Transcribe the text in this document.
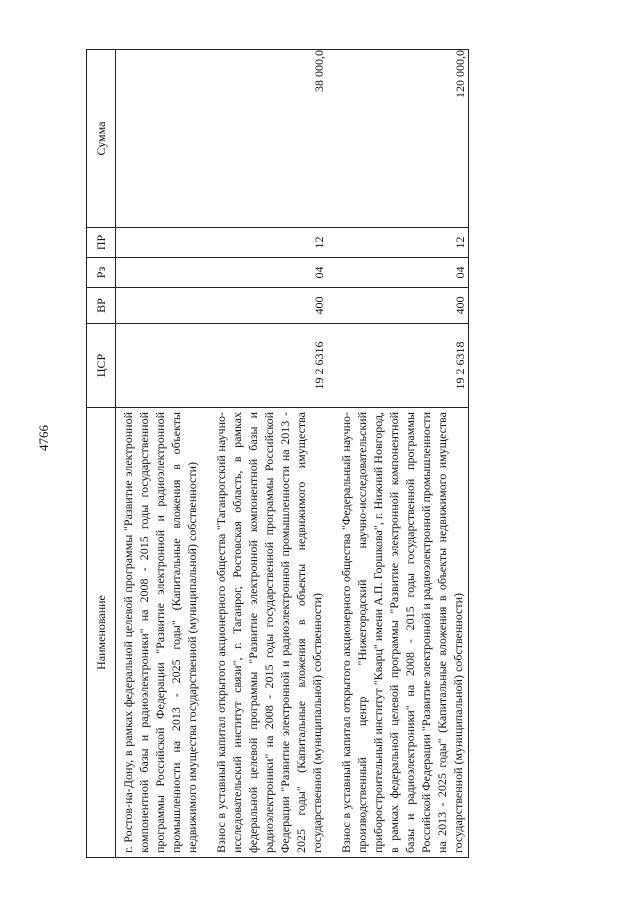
4766
Наименование	ЦСР	ВР	Рз	ПР	Сумма

г. Ростов-на-Дону, в рамках федеральной целевой программы "Развитие электронной компонентной базы и радиоэлектроники" на 2008 - 2015 годы государственной программы Российской Федерации "Развитие электронной и радиоэлектронной промышленности на 2013 - 2025 годы" (Капитальные вложения в объекты недвижимого имущества государственной (муниципальной) собственности)					

Взнос в уставный капитал открытого акционерного общества "Таганрогский научно-исследовательский институт связи", г. Таганрог, Ростовская область, в рамках федеральной целевой программы "Развитие электронной компонентной базы и радиоэлектроники" на 2008 - 2015 годы государственной программы Российской Федерации "Развитие электронной и радиоэлектронной промышленности на 2013 - 2025 годы" (Капитальные вложения в объекты недвижимого имущества государственной (муниципальной) собственности)	19 2 6316	400	04	12	38 000,0

Взнос в уставный капитал открытого акционерного общества "Федеральный научно-производственный центр "Нижегородский научно-исследовательский приборостроительный институт "Кварц" имени А.П. Горшкова", г. Нижний Новгород, в рамках федеральной целевой программы "Развитие электронной компонентной базы и радиоэлектроники" на 2008 - 2015 годы государственной программы Российской Федерации "Развитие электронной и радиоэлектронной промышленности на 2013 - 2025 годы" (Капитальные вложения в объекты недвижимого имущества государственной (муниципальной) собственности)	19 2 6318	400	04	12	120 000,0
